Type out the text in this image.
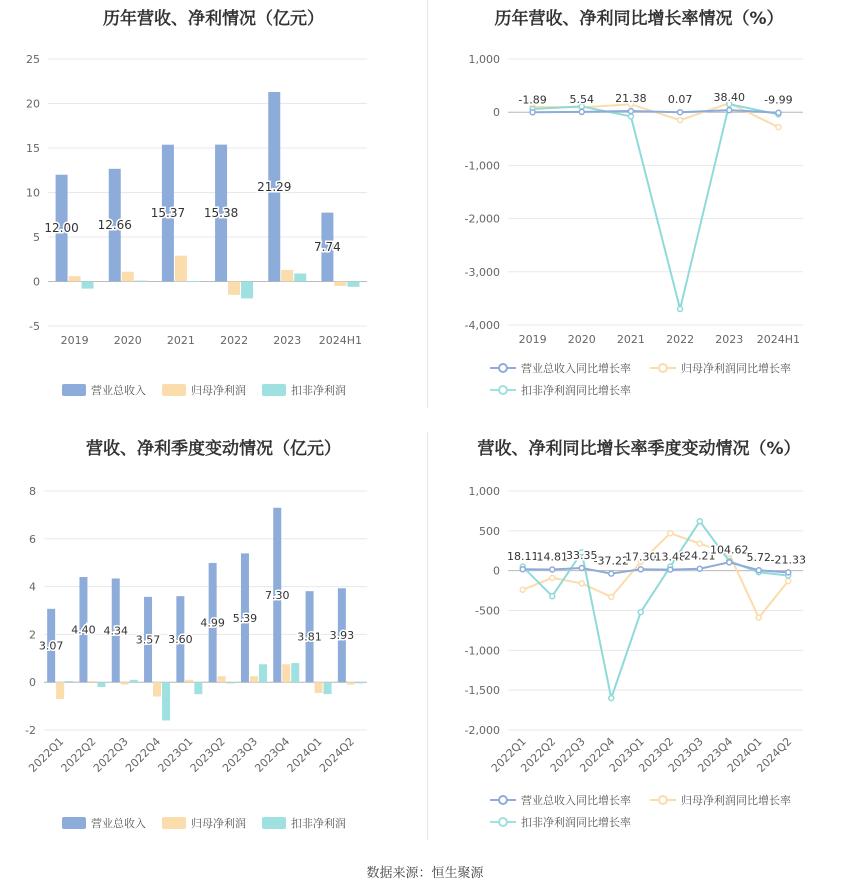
历年营收、净利情况（亿元）
-5
0
5
10
15
20
25
12.00 12.66
15.37 15.38
21.29
7.74
2019 2020 2021 2022 2023 2024H1
营业总收入	归母净利润	扣非净利润
历年营收、净利同比增长率情况（%）
-4,000
-3,000
-2,000
-1,000
0
1,000
-1.89 5.54 21.38 0.07 38.40 -9.99
2019 2020 2021 2022 2023 2024H1
营业总收入同比增长率	归母净利润同比增长率
扣非净利润同比增长率
营收、净利季度变动情况（亿元）
-2
0
2
4
6
8
3.07
4.40 4.34
3.57 3.60
4.99 5.39
7.30
3.81 3.93
2022Q1
2022Q2
2022Q3
2022Q4
2023Q1
2023Q2
2023Q3
2023Q4
2024Q1
2024Q2
营业总收入	归母净利润	扣非净利润
营收、净利同比增长率季度变动情况（%）
-2,000
-1,500
-1,000
-500
0
500
1,000
18.11
14.81
33.35
-37.22
17.30
13.48
24.21
104.62
5.72 -21.33
2022Q1
2022Q2
2022Q3
2022Q4
2023Q1
2023Q2
2023Q3
2023Q4
2024Q1
2024Q2
营业总收入同比增长率	归母净利润同比增长率
扣非净利润同比增长率
数据来源：恒生聚源
